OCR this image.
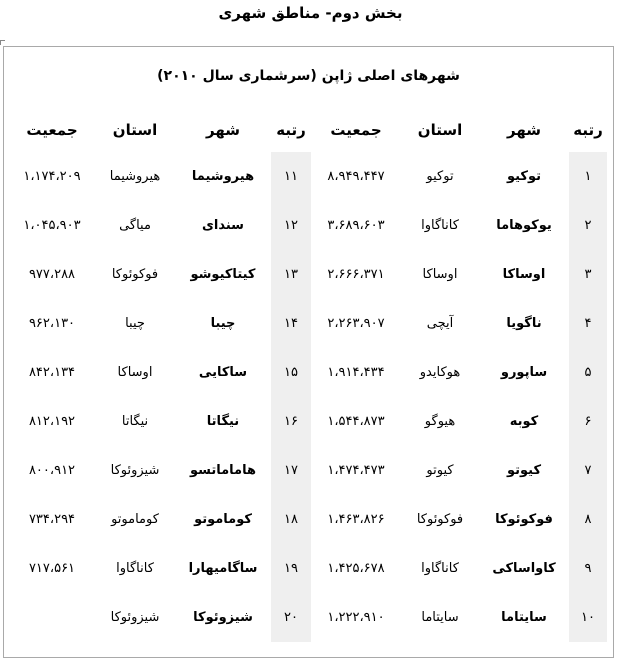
بخش دوم- مناطق شهری
شهرهای اصلی ژاپن (سرشماری سال ۲۰۱۰)
رتبه	شهر	استان	جمعیت	رتبه	شهر	استان	جمعیت
۱	توکیو	توکیو	۸،۹۴۹،۴۴۷	۱۱	هیروشیما	هیروشیما	۱،۱۷۴،۲۰۹
۲	یوکوهاما	کاناگاوا	۳،۶۸۹،۶۰۳	۱۲	سندای	میاگی	۱،۰۴۵،۹۰۳
۳	اوساکا	اوساکا	۲،۶۶۶،۳۷۱	۱۳	کیتاکیوشو	فوکوئوکا	۹۷۷،۲۸۸
۴	ناگویا	آیچی	۲،۲۶۳،۹۰۷	۱۴	چیبا	چیبا	۹۶۲،۱۳۰
۵	ساپورو	هوکایدو	۱،۹۱۴،۴۳۴	۱۵	ساکایی	اوساکا	۸۴۲،۱۳۴
۶	کوبه	هیوگو	۱،۵۴۴،۸۷۳	۱۶	نیگاتا	نیگاتا	۸۱۲،۱۹۲
۷	کیوتو	کیوتو	۱،۴۷۴،۴۷۳	۱۷	هاماماتسو	شیزوئوکا	۸۰۰،۹۱۲
۸	فوکوئوکا	فوکوئوکا	۱،۴۶۳،۸۲۶	۱۸	کوماموتو	کوماموتو	۷۳۴،۲۹۴
۹	کاواساکی	کاناگاوا	۱،۴۲۵،۶۷۸	۱۹	ساگامیهارا	کاناگاوا	۷۱۷،۵۶۱
۱۰	سایتاما	سایتاما	۱،۲۲۲،۹۱۰	۲۰	شیزوئوکا	شیزوئوکا	
